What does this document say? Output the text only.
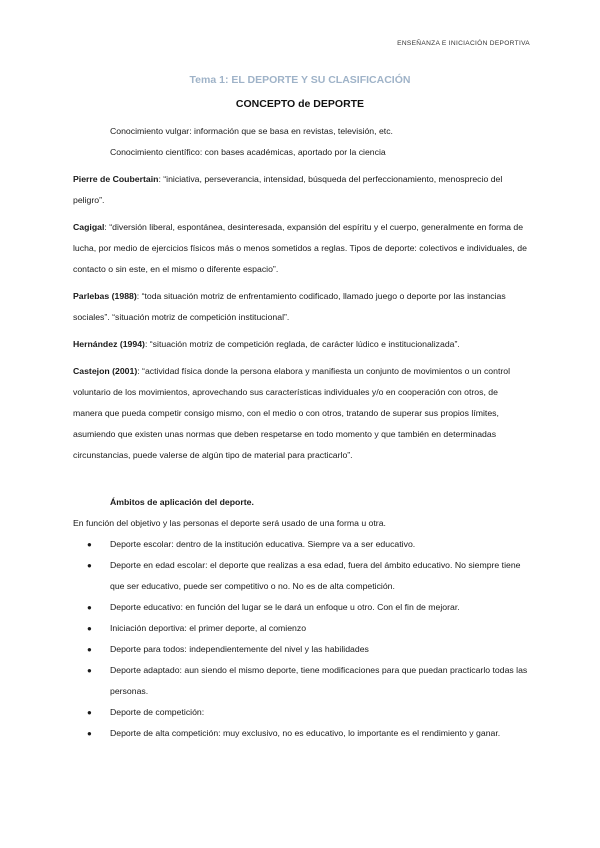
ENSEÑANZA E INICIACIÓN DEPORTIVA
Tema 1: EL DEPORTE Y SU CLASIFICACIÓN
CONCEPTO de DEPORTE

Conocimiento vulgar: información que se basa en revistas, televisión, etc.

Conocimiento científico: con bases académicas, aportado por la ciencia

Pierre de Coubertain: “iniciativa, perseverancia, intensidad, búsqueda del perfeccionamiento, menosprecio del peligro”.

Cagigal: “diversión liberal, espontánea, desinteresada, expansión del espíritu y el cuerpo, generalmente en forma de lucha, por medio de ejercicios físicos más o menos sometidos a reglas. Tipos de deporte: colectivos e individuales, de contacto o sin este, en el mismo o diferente espacio”.

Parlebas (1988): “toda situación motriz de enfrentamiento codificado, llamado juego o deporte por las instancias sociales”. “situación motriz de competición institucional”.

Hernández (1994): “situación motriz de competición reglada, de carácter lúdico e institucionalizada”.

Castejon (2001): “actividad física donde la persona elabora y manifiesta un conjunto de movimientos o un control voluntario de los movimientos, aprovechando sus características individuales y/o en cooperación con otros, de manera que pueda competir consigo mismo, con el medio o con otros, tratando de superar sus propios límites, asumiendo que existen unas normas que deben respetarse en todo momento y que también en determinadas circunstancias, puede valerse de algún tipo de material para practicarlo”.

Ámbitos de aplicación del deporte.

En función del objetivo y las personas el deporte será usado de una forma u otra.

● Deporte escolar: dentro de la institución educativa. Siempre va a ser educativo.
● Deporte en edad escolar: el deporte que realizas a esa edad, fuera del ámbito educativo. No siempre tiene que ser educativo, puede ser competitivo o no. No es de alta competición.
● Deporte educativo: en función del lugar se le dará un enfoque u otro. Con el fin de mejorar.
● Iniciación deportiva: el primer deporte, al comienzo
● Deporte para todos: independientemente del nivel y las habilidades
● Deporte adaptado: aun siendo el mismo deporte, tiene modificaciones para que puedan practicarlo todas las personas.
● Deporte de competición:
● Deporte de alta competición: muy exclusivo, no es educativo, lo importante es el rendimiento y ganar.
